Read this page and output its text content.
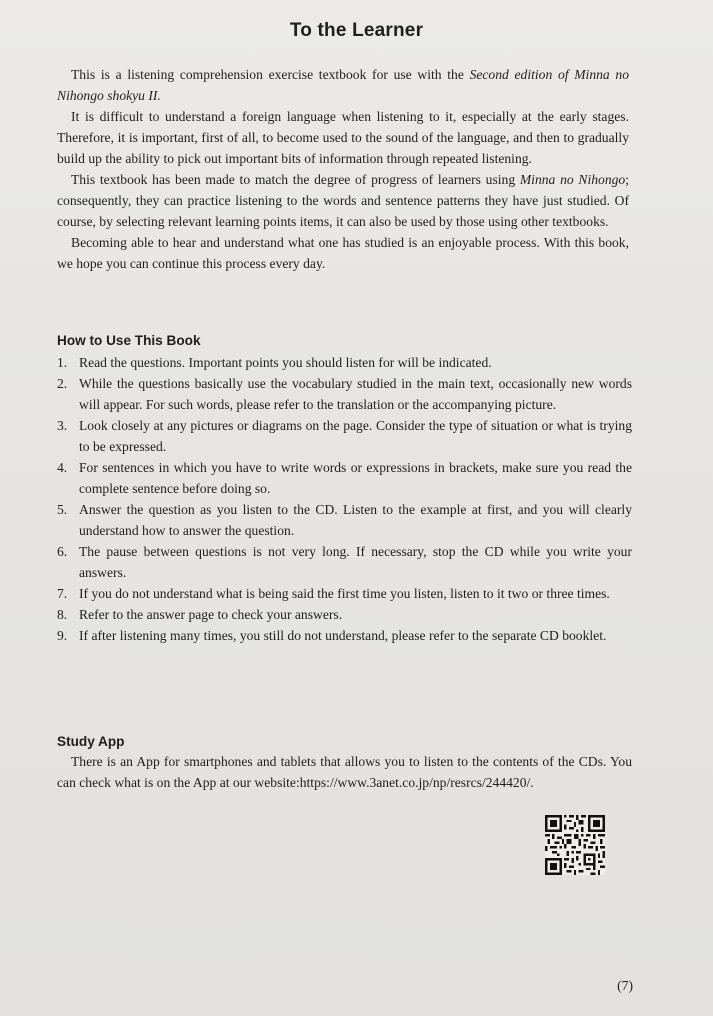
To the Learner

This is a listening comprehension exercise textbook for use with the Second edition of Minna no Nihongo shokyu II.

It is difficult to understand a foreign language when listening to it, especially at the early stages. Therefore, it is important, first of all, to become used to the sound of the language, and then to gradually build up the ability to pick out important bits of information through repeated listening.

This textbook has been made to match the degree of progress of learners using Minna no Nihongo; consequently, they can practice listening to the words and sentence patterns they have just studied. Of course, by selecting relevant learning points items, it can also be used by those using other textbooks.

Becoming able to hear and understand what one has studied is an enjoyable process. With this book, we hope you can continue this process every day.

How to Use This Book
1. Read the questions. Important points you should listen for will be indicated.
2. While the questions basically use the vocabulary studied in the main text, occasionally new words will appear. For such words, please refer to the translation or the accompanying picture.
3. Look closely at any pictures or diagrams on the page. Consider the type of situation or what is trying to be expressed.
4. For sentences in which you have to write words or expressions in brackets, make sure you read the complete sentence before doing so.
5. Answer the question as you listen to the CD. Listen to the example at first, and you will clearly understand how to answer the question.
6. The pause between questions is not very long. If necessary, stop the CD while you write your answers.
7. If you do not understand what is being said the first time you listen, listen to it two or three times.
8. Refer to the answer page to check your answers.
9. If after listening many times, you still do not understand, please refer to the separate CD booklet.
Study App

There is an App for smartphones and tablets that allows you to listen to the contents of the CDs. You can check what is on the App at our website:https://www.3anet.co.jp/np/resrcs/244420/.

(7)
